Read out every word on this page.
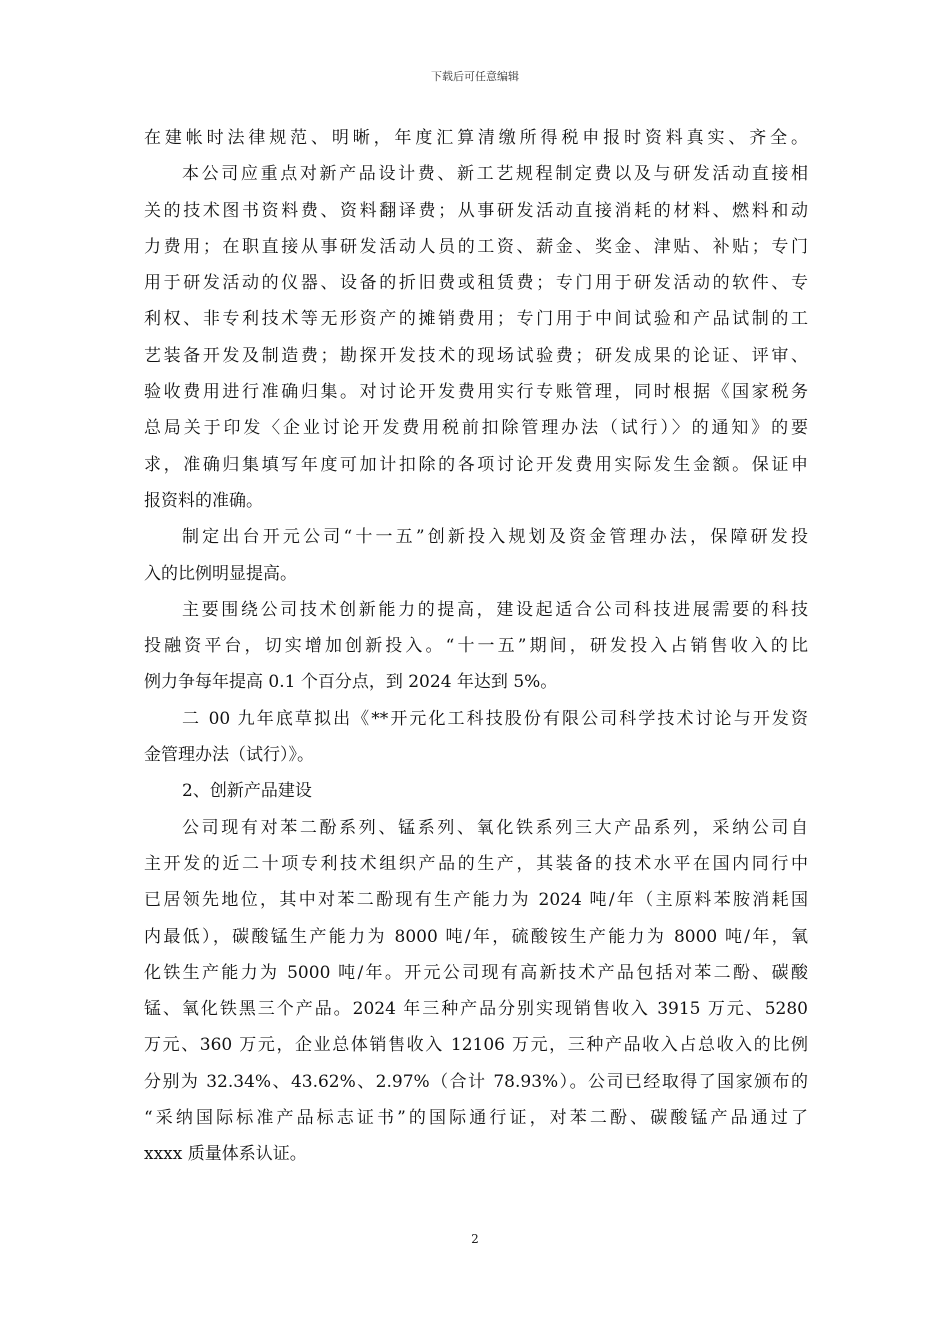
下载后可任意编辑
在建帐时法律规范、明晰，年度汇算清缴所得税申报时资料真实、齐全。
本公司应重点对新产品设计费、新工艺规程制定费以及与研发活动直接相
关的技术图书资料费、资料翻译费；从事研发活动直接消耗的材料、燃料和动
力费用；在职直接从事研发活动人员的工资、薪金、奖金、津贴、补贴；专门
用于研发活动的仪器、设备的折旧费或租赁费；专门用于研发活动的软件、专
利权、非专利技术等无形资产的摊销费用；专门用于中间试验和产品试制的工
艺装备开发及制造费；勘探开发技术的现场试验费；研发成果的论证、评审、
验收费用进行准确归集。对讨论开发费用实行专账管理，同时根据《国家税务
总局关于印发〈企业讨论开发费用税前扣除管理办法（试行）〉的通知》的要
求，准确归集填写年度可加计扣除的各项讨论开发费用实际发生金额。保证申
报资料的准确。
制定出台开元公司“十一五”创新投入规划及资金管理办法，保障研发投
入的比例明显提高。
主要围绕公司技术创新能力的提高，建设起适合公司科技进展需要的科技
投融资平台，切实增加创新投入。“十一五”期间，研发投入占销售收入的比
例力争每年提高 0.1 个百分点，到 2024 年达到 5%。
二 00 九年底草拟出《**开元化工科技股份有限公司科学技术讨论与开发资
金管理办法（试行）》。
2、创新产品建设
公司现有对苯二酚系列、锰系列、氧化铁系列三大产品系列，采纳公司自
主开发的近二十项专利技术组织产品的生产，其装备的技术水平在国内同行中
已居领先地位，其中对苯二酚现有生产能力为 2024 吨/年（主原料苯胺消耗国
内最低），碳酸锰生产能力为 8000 吨/年，硫酸铵生产能力为 8000 吨/年，氧
化铁生产能力为 5000 吨/年。开元公司现有高新技术产品包括对苯二酚、碳酸
锰、氧化铁黑三个产品。2024 年三种产品分别实现销售收入 3915 万元、5280
万元、360 万元，企业总体销售收入 12106 万元，三种产品收入占总收入的比例
分别为 32.34%、43.62%、2.97%（合计 78.93%）。公司已经取得了国家颁布的
“采纳国际标准产品标志证书”的国际通行证，对苯二酚、碳酸锰产品通过了
xxxx 质量体系认证。
2
